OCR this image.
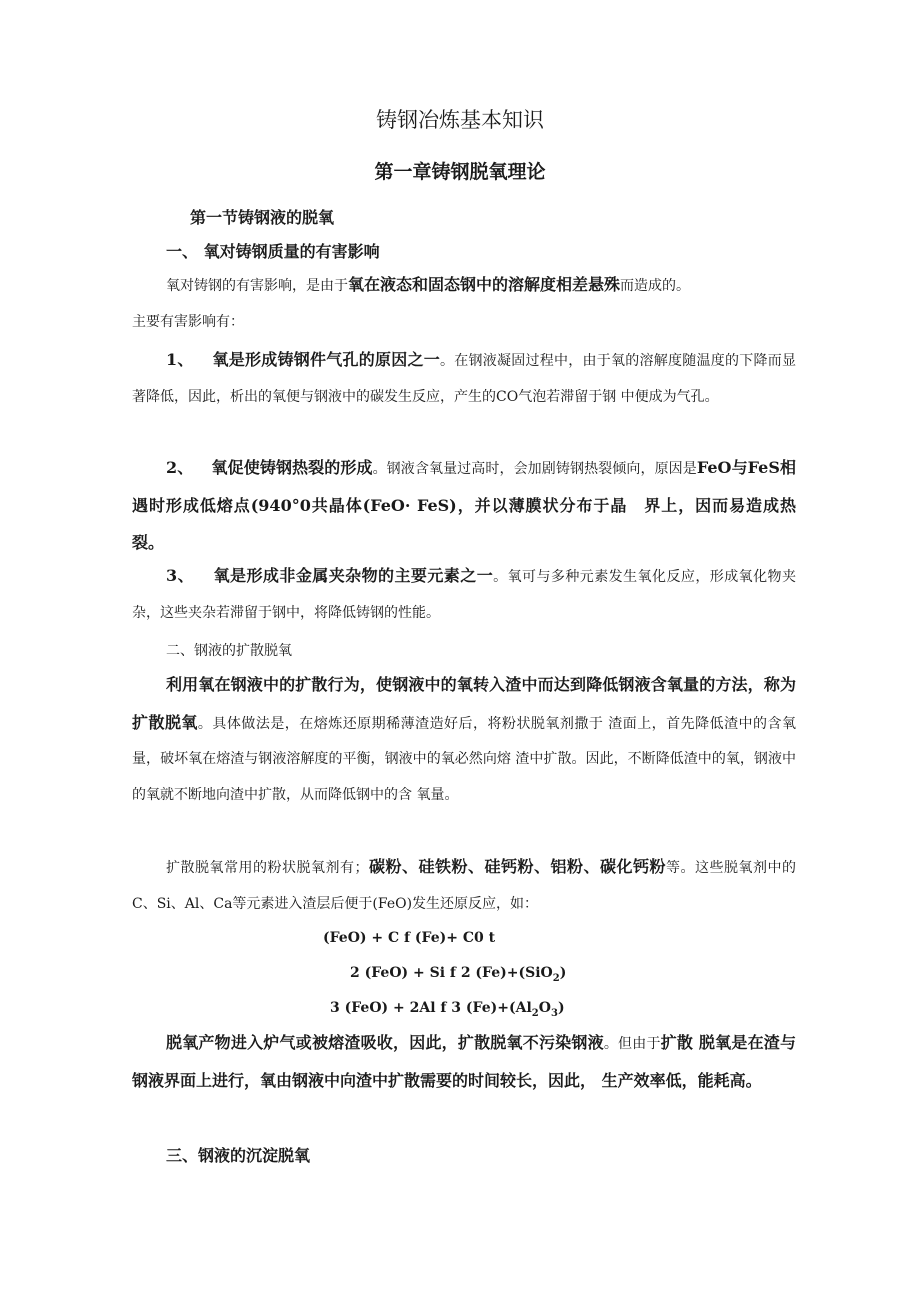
铸钢冶炼基本知识
第一章铸钢脱氧理论
第一节铸钢液的脱氧
一、 氧对铸钢质量的有害影响
氧对铸钢的有害影响，是由于氧在液态和固态钢中的溶解度相差悬殊而造成的。
主要有害影响有：
1、 氧是形成铸钢件气孔的原因之一。在钢液凝固过程中，由于氧的溶解度随温度的下降而显著降低，因此，析出的氧便与钢液中的碳发生反应，产生的CO气泡若滞留于钢 中便成为气孔。
2、 氧促使铸钢热裂的形成。钢液含氧量过高时，会加剧铸钢热裂倾向，原因是FeO与FeS相遇时形成低熔点(940°0共晶体(FeO· FeS)，并以薄膜状分布于晶　界上，因而易造成热裂。
3、 氧是形成非金属夹杂物的主要元素之一。氧可与多种元素发生氧化反应，形成氧化物夹杂，这些夹杂若滞留于钢中，将降低铸钢的性能。
二、钢液的扩散脱氧
利用氧在钢液中的扩散行为，使钢液中的氧转入渣中而达到降低钢液含氧量的方法，称为扩散脱氧。具体做法是，在熔炼还原期稀薄渣造好后，将粉状脱氧剂撒于 渣面上，首先降低渣中的含氧量，破坏氧在熔渣与钢液溶解度的平衡，钢液中的氧必然向熔 渣中扩散。因此，不断降低渣中的氧，钢液中的氧就不断地向渣中扩散，从而降低钢中的含 氧量。
扩散脱氧常用的粉状脱氧剂有；碳粉、硅铁粉、硅钙粉、铝粉、碳化钙粉等。这些脱氧剂中的C、Si、Al、Ca等元素进入渣层后便于(FeO)发生还原反应，如：
(FeO) + C f (Fe)+ C0 t
2 (FeO) + Si f 2 (Fe)+(SiO$_2$)
3 (FeO) + 2Al f 3 $(Fe)+(Al_2O_3)$
脱氧产物进入炉气或被熔渣吸收，因此，扩散脱氧不污染钢液。但由于扩散 脱氧是在渣与钢液界面上进行，氧由钢液中向渣中扩散需要的时间较长，因此， 生产效率低，能耗高。
三、钢液的沉淀脱氧
